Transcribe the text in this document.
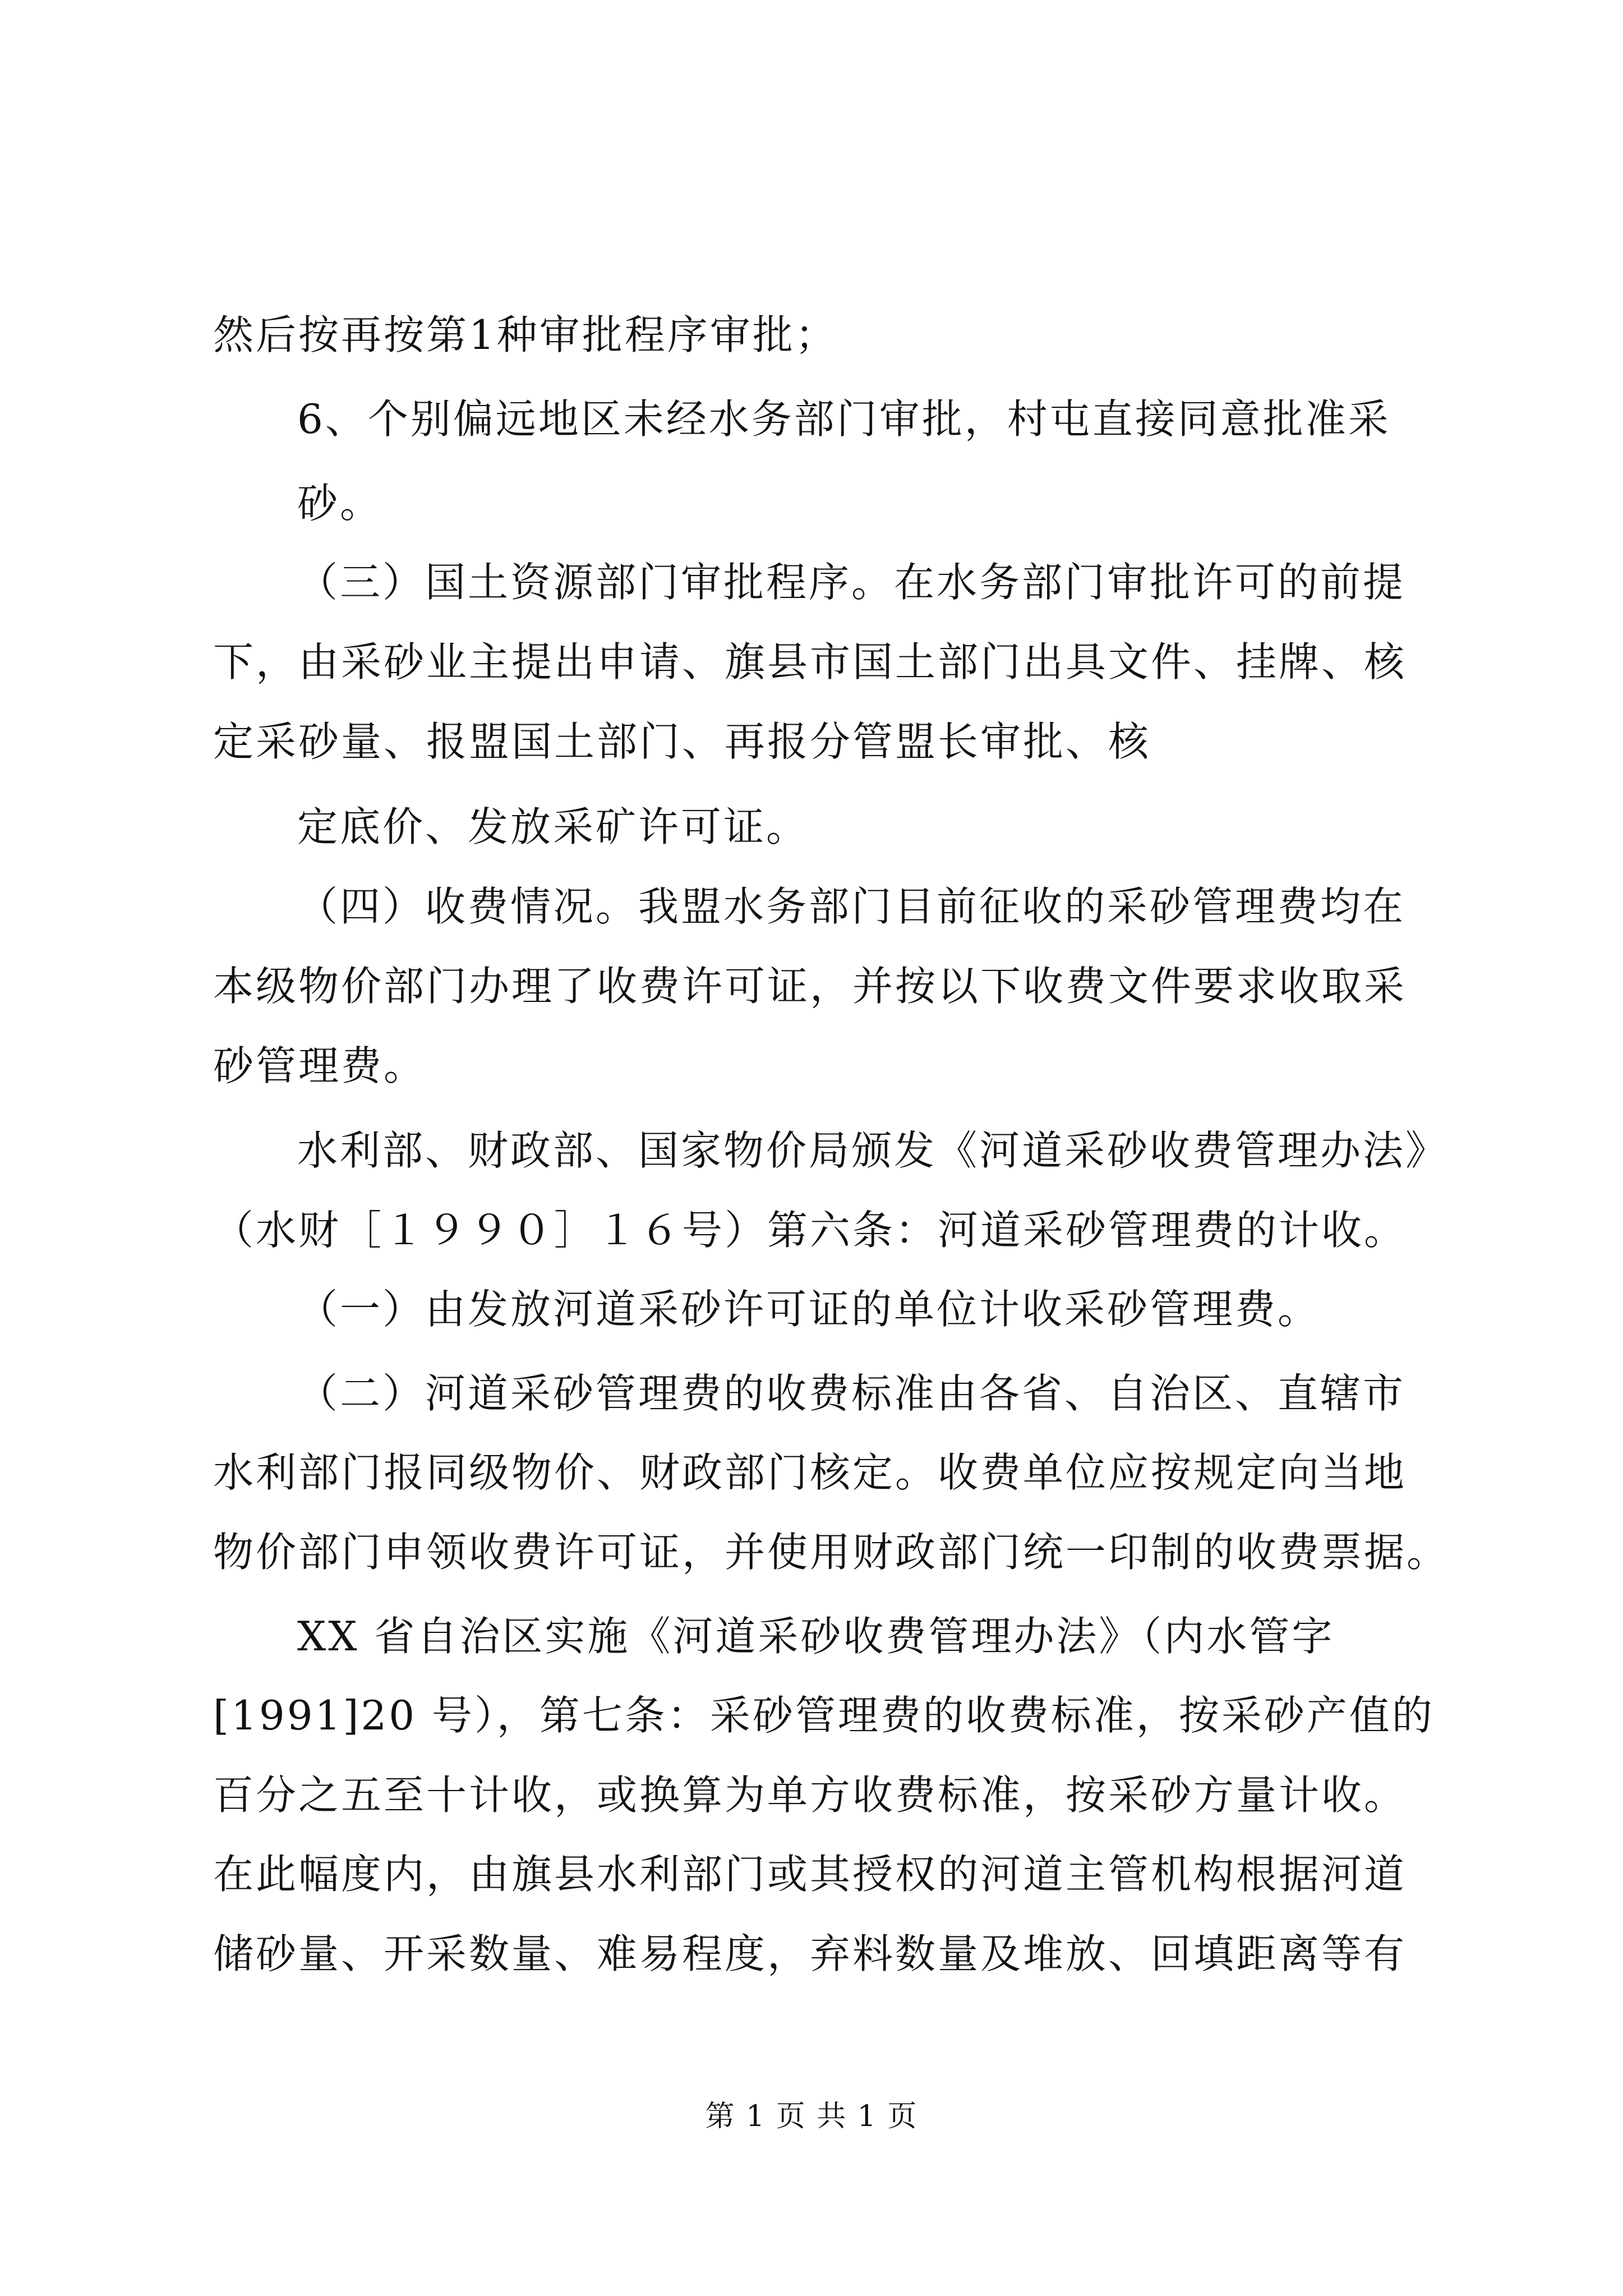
然后按再按第1种审批程序审批；
6、个别偏远地区未经水务部门审批，村屯直接同意批准采
砂。
（三）国土资源部门审批程序。在水务部门审批许可的前提
下，由采砂业主提出申请、旗县市国土部门出具文件、挂牌、核
定采砂量、报盟国土部门、再报分管盟长审批、核
定底价、发放采矿许可证。
（四）收费情况。我盟水务部门目前征收的采砂管理费均在
本级物价部门办理了收费许可证，并按以下收费文件要求收取采
砂管理费。
水利部、财政部、国家物价局颁发《河道采砂收费管理办法》
（水财［１９９０］１６号）第六条：河道采砂管理费的计收。
（一）由发放河道采砂许可证的单位计收采砂管理费。
（二）河道采砂管理费的收费标准由各省、自治区、直辖市
水利部门报同级物价、财政部门核定。收费单位应按规定向当地
物价部门申领收费许可证，并使用财政部门统一印制的收费票据。
XX 省自治区实施《河道采砂收费管理办法》（内水管字
[1991]20 号），第七条：采砂管理费的收费标准，按采砂产值的
百分之五至十计收，或换算为单方收费标准，按采砂方量计收。
在此幅度内，由旗县水利部门或其授权的河道主管机构根据河道
储砂量、开采数量、难易程度，弃料数量及堆放、回填距离等有
第 1 页 共 1 页
